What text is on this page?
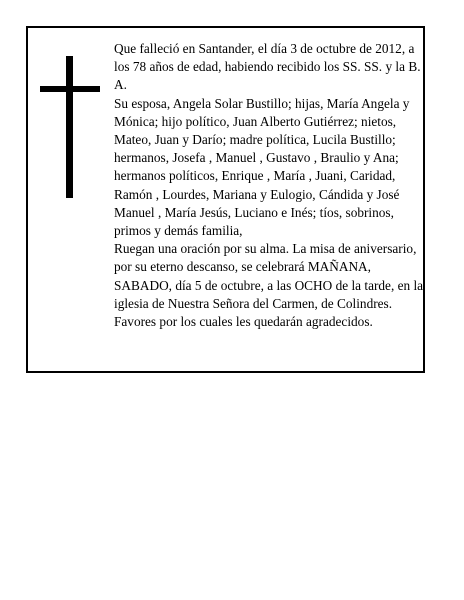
Que falleció en Santander, el día 3 de octubre de 2012, a los 78 años de edad, habiendo recibido los SS. SS. y la B. A.

Su esposa, Angela Solar Bustillo; hijas, María Angela y Mónica; hijo político, Juan Alberto Gutiérrez; nietos, Mateo, Juan y Darío; madre política, Lucila Bustillo; hermanos, Josefa , Manuel , Gustavo , Braulio y Ana; hermanos políticos, Enrique , María , Juani, Caridad, Ramón , Lourdes, Mariana y Eulogio, Cándida y José Manuel , María Jesús, Luciano e Inés; tíos, sobrinos, primos y demás familia,

Ruegan una oración por su alma. La misa de aniversario, por su eterno descanso, se celebrará MAÑANA, SABADO, día 5 de octubre, a las OCHO de la tarde, en la iglesia de Nuestra Señora del Carmen, de Colindres. Favores por los cuales les quedarán agradecidos.
